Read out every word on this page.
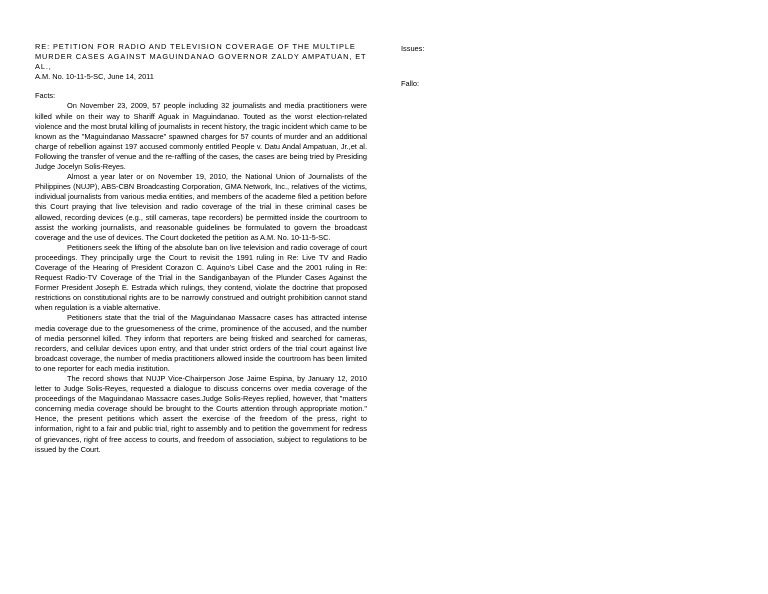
RE: PETITION FOR RADIO AND TELEVISION COVERAGE OF THE MULTIPLE MURDER CASES AGAINST MAGUINDANAO GOVERNOR ZALDY AMPATUAN, ET AL.,

A.M. No. 10-11-5-SC, June 14, 2011

Facts:

On November 23, 2009, 57 people including 32 journalists and media practitioners were killed while on their way to Shariff Aguak in Maguindanao. Touted as the worst election-related violence and the most brutal killing of journalists in recent history, the tragic incident which came to be known as the "Maguindanao Massacre" spawned charges for 57 counts of murder and an additional charge of rebellion against 197 accused commonly entitled People v. Datu Andal Ampatuan, Jr.,et al. Following the transfer of venue and the re-raffling of the cases, the cases are being tried by Presiding Judge Jocelyn Solis-Reyes.

Almost a year later or on November 19, 2010, the National Union of Journalists of the Philippines (NUJP), ABS-CBN Broadcasting Corporation, GMA Network, Inc., relatives of the victims, individual journalists from various media entities, and members of the academe filed a petition before this Court praying that live television and radio coverage of the trial in these criminal cases be allowed, recording devices (e.g., still cameras, tape recorders) be permitted inside the courtroom to assist the working journalists, and reasonable guidelines be formulated to govern the broadcast coverage and the use of devices. The Court docketed the petition as A.M. No. 10-11-5-SC.

Petitioners seek the lifting of the absolute ban on live television and radio coverage of court proceedings. They principally urge the Court to revisit the 1991 ruling in Re: Live TV and Radio Coverage of the Hearing of President Corazon C. Aquino's Libel Case and the 2001 ruling in Re: Request Radio-TV Coverage of the Trial in the Sandiganbayan of the Plunder Cases Against the Former President Joseph E. Estrada which rulings, they contend, violate the doctrine that proposed restrictions on constitutional rights are to be narrowly construed and outright prohibition cannot stand when regulation is a viable alternative.

Petitioners state that the trial of the Maguindanao Massacre cases has attracted intense media coverage due to the gruesomeness of the crime, prominence of the accused, and the number of media personnel killed. They inform that reporters are being frisked and searched for cameras, recorders, and cellular devices upon entry, and that under strict orders of the trial court against live broadcast coverage, the number of media practitioners allowed inside the courtroom has been limited to one reporter for each media institution.

The record shows that NUJP Vice-Chairperson Jose Jaime Espina, by January 12, 2010 letter to Judge Solis-Reyes, requested a dialogue to discuss concerns over media coverage of the proceedings of the Maguindanao Massacre cases.Judge Solis-Reyes replied, however, that "matters concerning media coverage should be brought to the Courts attention through appropriate motion." Hence, the present petitions which assert the exercise of the freedom of the press, right to information, right to a fair and public trial, right to assembly and to petition the government for redress of grievances, right of free access to courts, and freedom of association, subject to regulations to be issued by the Court.

Issues:
Fallo:
